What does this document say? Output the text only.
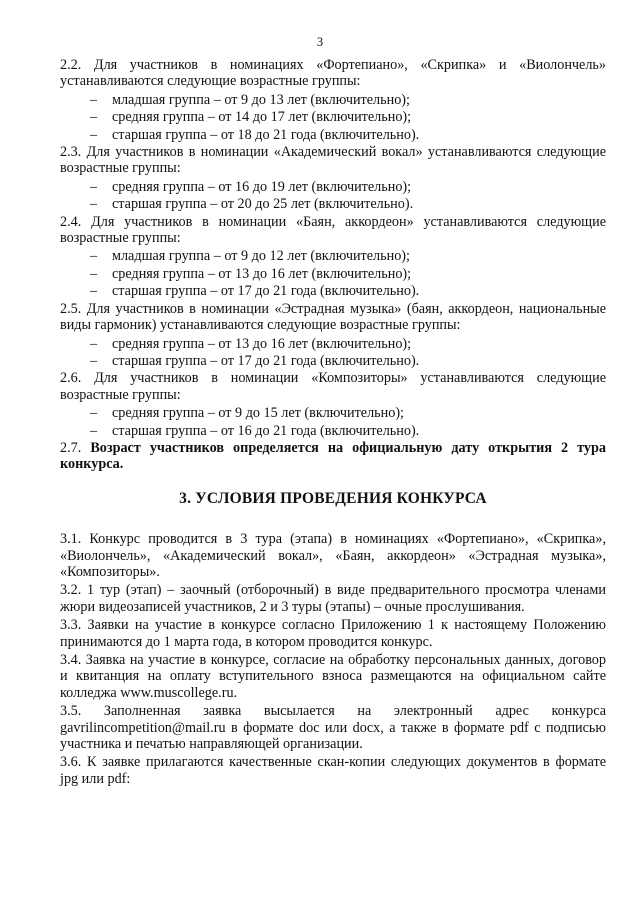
3

2.2. Для участников в номинациях «Фортепиано», «Скрипка» и «Виолончель» устанавливаются следующие возрастные группы:

– младшая группа – от 9 до 13 лет (включительно);
– средняя группа – от 14 до 17 лет (включительно);
– старшая группа – от 18 до 21 года (включительно).

2.3. Для участников в номинации «Академический вокал» устанавливаются следующие возрастные группы:

– средняя группа – от 16 до 19 лет (включительно);
– старшая группа – от 20 до 25 лет (включительно).

2.4. Для участников в номинации «Баян, аккордеон» устанавливаются следующие возрастные группы:

– младшая группа – от 9 до 12 лет (включительно);
– средняя группа – от 13 до 16 лет (включительно);
– старшая группа – от 17 до 21 года (включительно).

2.5. Для участников в номинации «Эстрадная музыка» (баян, аккордеон, национальные виды гармоник) устанавливаются следующие возрастные группы:

– средняя группа – от 13 до 16 лет (включительно);
– старшая группа – от 17 до 21 года (включительно).

2.6. Для участников в номинации «Композиторы» устанавливаются следующие возрастные группы:

– средняя группа – от 9 до 15 лет (включительно);
– старшая группа – от 16 до 21 года (включительно).

2.7. Возраст участников определяется на официальную дату открытия 2 тура конкурса.

3. УСЛОВИЯ ПРОВЕДЕНИЯ КОНКУРСА

3.1. Конкурс проводится в 3 тура (этапа) в номинациях «Фортепиано», «Скрипка», «Виолончель», «Академический вокал», «Баян, аккордеон» «Эстрадная музыка», «Композиторы».

3.2. 1 тур (этап) – заочный (отборочный) в виде предварительного просмотра членами жюри видеозаписей участников, 2 и 3 туры (этапы) – очные прослушивания.

3.3. Заявки на участие в конкурсе согласно Приложению 1 к настоящему Положению принимаются до 1 марта года, в котором проводится конкурс.

3.4. Заявка на участие в конкурсе, согласие на обработку персональных данных, договор и квитанция на оплату вступительного взноса размещаются на официальном сайте колледжа www.muscollege.ru.

3.5. Заполненная заявка высылается на электронный адрес конкурса gavrilincompetition@mail.ru в формате doc или docx, а также в формате pdf с подписью участника и печатью направляющей организации.

3.6. К заявке прилагаются качественные скан-копии следующих документов в формате jpg или pdf:
